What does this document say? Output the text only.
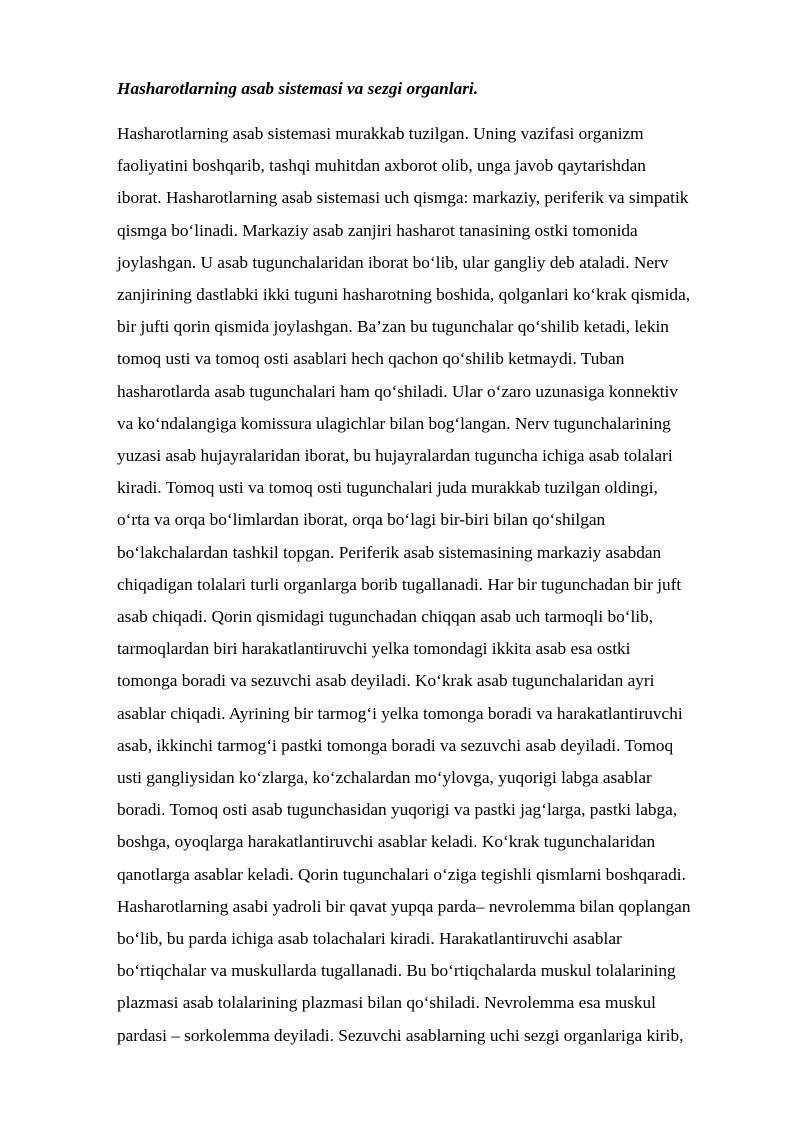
Hasharotlarning asab sistemasi va sezgi organlari.

Hasharotlarning asab sistemasi murakkab tuzilgan. Uning vazifasi organizm
faoliyatini boshqarib, tashqi muhitdan axborot olib, unga javob qaytarishdan
iborat. Hasharotlarning asab sistemasi uch qismga: markaziy, periferik va simpatik
qismga boʻlinadi. Markaziy asab zanjiri hasharot tanasining ostki tomonida
joylashgan. U asab tugunchalaridan iborat boʻlib, ular gangliy deb ataladi. Nerv
zanjirining dastlabki ikki tuguni hasharotning boshida, qolganlari koʻkrak qismida,
bir jufti qorin qismida joylashgan. Ba’zan bu tugunchalar qoʻshilib ketadi, lekin
tomoq usti va tomoq osti asablari hech qachon qoʻshilib ketmaydi. Tuban
hasharotlarda asab tugunchalari ham qoʻshiladi. Ular oʻzaro uzunasiga konnektiv
va koʻndalangiga komissura ulagichlar bilan bogʻlangan. Nerv tugunchalarining
yuzasi asab hujayralaridan iborat, bu hujayralardan tuguncha ichiga asab tolalari
kiradi. Tomoq usti va tomoq osti tugunchalari juda murakkab tuzilgan oldingi,
oʻrta va orqa boʻlimlardan iborat, orqa boʻlagi bir-biri bilan qoʻshilgan
boʻlakchalardan tashkil topgan. Periferik asab sistemasining markaziy asabdan
chiqadigan tolalari turli organlarga borib tugallanadi. Har bir tugunchadan bir juft
asab chiqadi. Qorin qismidagi tugunchadan chiqqan asab uch tarmoqli boʻlib,
tarmoqlardan biri harakatlantiruvchi yelka tomondagi ikkita asab esa ostki
tomonga boradi va sezuvchi asab deyiladi. Koʻkrak asab tugunchalaridan ayri
asablar chiqadi. Ayrining bir tarmogʻi yelka tomonga boradi va harakatlantiruvchi
asab, ikkinchi tarmogʻi pastki tomonga boradi va sezuvchi asab deyiladi. Tomoq
usti gangliysidan koʻzlarga, koʻzchalardan moʻylovga, yuqorigi labga asablar
boradi. Tomoq osti asab tugunchasidan yuqorigi va pastki jagʻlarga, pastki labga,
boshga, oyoqlarga harakatlantiruvchi asablar keladi. Koʻkrak tugunchalaridan
qanotlarga asablar keladi. Qorin tugunchalari oʻziga tegishli qismlarni boshqaradi.
Hasharotlarning asabi yadroli bir qavat yupqa parda– nevrolemma bilan qoplangan
boʻlib, bu parda ichiga asab tolachalari kiradi. Harakatlantiruvchi asablar
boʻrtiqchalar va muskullarda tugallanadi. Bu boʻrtiqchalarda muskul tolalarining
plazmasi asab tolalarining plazmasi bilan qoʻshiladi. Nevrolemma esa muskul
pardasi – sorkolemma deyiladi. Sezuvchi asablarning uchi sezgi organlariga kirib,
